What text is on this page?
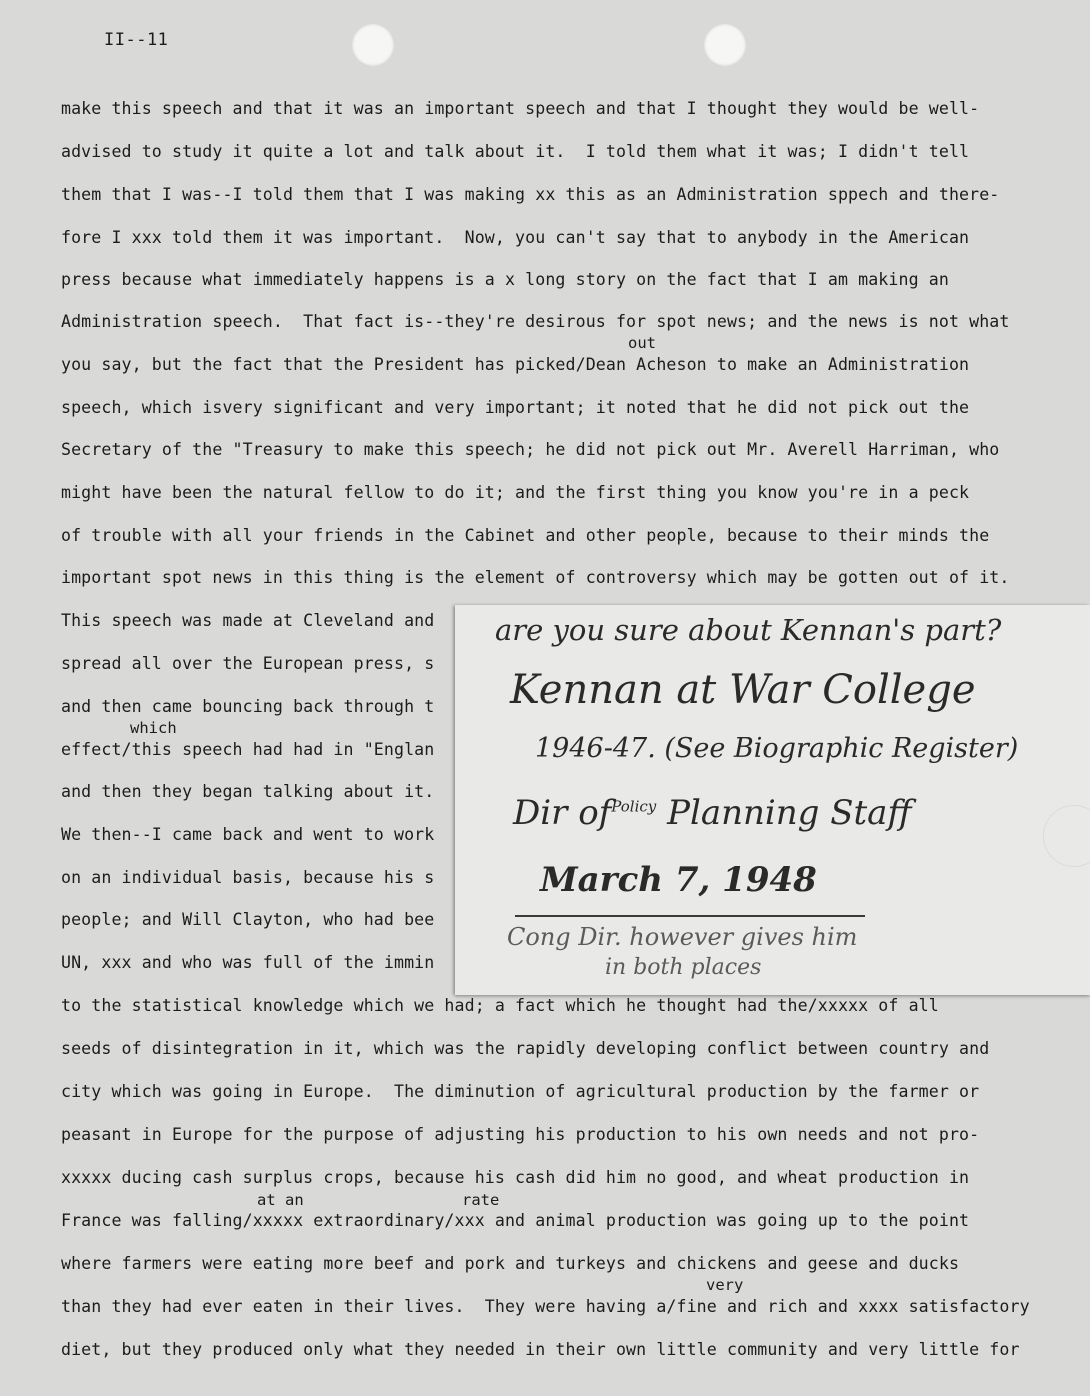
II--11

make this speech and that it was an important speech and that I thought they would be well-

advised to study it quite a lot and talk about it.  I told them what it was; I didn't tell

them that I was--I told them that I was making xx this as an Administration sppech and there-

fore I xxx told them it was important.  Now, you can't say that to anybody in the American

press because what immediately happens is a x long story on the fact that I am making an

Administration speech.  That fact is--they're desirous for spot news; and the news is not what

you say, but the fact that the President has picked/Dean Acheson to make an Administration

speech, which isvery significant and very important; it noted that he did not pick out the

Secretary of the "Treasury to make this speech; he did not pick out Mr. Averell Harriman, who

might have been the natural fellow to do it; and the first thing you know you're in a peck

of trouble with all your friends in the Cabinet and other people, because to their minds the

important spot news in this thing is the element of controversy which may be gotten out of it.

This speech was made at Cleveland and

spread all over the European press, s

and then came bouncing back through t

effect/this speech had had in "Englan

and then they began talking about it.

We then--I came back and went to work

on an individual basis, because his s

people; and Will Clayton, who had bee

UN, xxx and who was full of the immin

to the statistical knowledge which we had; a fact which he thought had the/xxxxx of all

seeds of disintegration in it, which was the rapidly developing conflict between country and

city which was going in Europe.  The diminution of agricultural production by the farmer or

peasant in Europe for the purpose of adjusting his production to his own needs and not pro-

xxxxx ducing cash surplus crops, because his cash did him no good, and wheat production in

France was falling/xxxxx extraordinary/xxx and animal production was going up to the point

where farmers were eating more beef and pork and turkeys and chickens and geese and ducks

than they had ever eaten in their lives.  They were having a/fine and rich and xxxx satisfactory

diet, but they produced only what they needed in their own little community and very little for

out
which
at an	rate
very

are you sure about Kennan's part?

Kennan at War College

1946-47. (See Biographic Register)

Dir $of^{Policy}$ Planning Staff

March 7, 1948

Cong Dir. however gives him

in both places
